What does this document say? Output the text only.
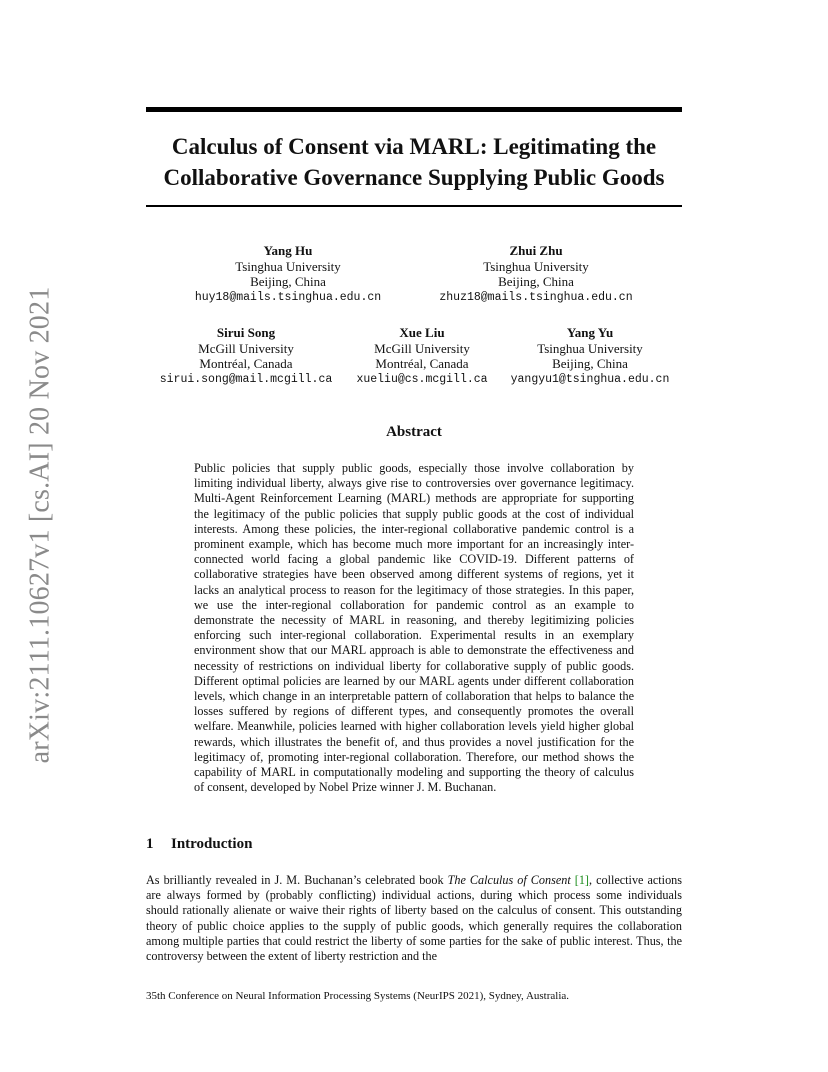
arXiv:2111.10627v1 [cs.AI] 20 Nov 2021
Calculus of Consent via MARL: Legitimating the
Collaborative Governance Supplying Public Goods
Yang Hu
Tsinghua University
Beijing, China
huy18@mails.tsinghua.edu.cn
Zhui Zhu
Tsinghua University
Beijing, China
zhuz18@mails.tsinghua.edu.cn
Sirui Song
McGill University
Montréal, Canada
sirui.song@mail.mcgill.ca
Xue Liu
McGill University
Montréal, Canada
xueliu@cs.mcgill.ca
Yang Yu
Tsinghua University
Beijing, China
yangyu1@tsinghua.edu.cn
Abstract
Public policies that supply public goods, especially those involve collaboration by limiting individual liberty, always give rise to controversies over governance legitimacy. Multi-Agent Reinforcement Learning (MARL) methods are appropriate for supporting the legitimacy of the public policies that supply public goods at the cost of individual interests. Among these policies, the inter-regional collaborative pandemic control is a prominent example, which has become much more important for an increasingly inter-connected world facing a global pandemic like COVID-19. Different patterns of collaborative strategies have been observed among different systems of regions, yet it lacks an analytical process to reason for the legitimacy of those strategies. In this paper, we use the inter-regional collaboration for pandemic control as an example to demonstrate the necessity of MARL in reasoning, and thereby legitimizing policies enforcing such inter-regional collaboration. Experimental results in an exemplary environment show that our MARL approach is able to demonstrate the effectiveness and necessity of restrictions on individual liberty for collaborative supply of public goods. Different optimal policies are learned by our MARL agents under different collaboration levels, which change in an interpretable pattern of collaboration that helps to balance the losses suffered by regions of different types, and consequently promotes the overall welfare. Meanwhile, policies learned with higher collaboration levels yield higher global rewards, which illustrates the benefit of, and thus provides a novel justification for the legitimacy of, promoting inter-regional collaboration. Therefore, our method shows the capability of MARL in computationally modeling and supporting the theory of calculus of consent, developed by Nobel Prize winner J. M. Buchanan.
1 Introduction
As brilliantly revealed in J. M. Buchanan’s celebrated book The Calculus of Consent [1], collective actions are always formed by (probably conflicting) individual actions, during which process some individuals should rationally alienate or waive their rights of liberty based on the calculus of consent. This outstanding theory of public choice applies to the supply of public goods, which generally requires the collaboration among multiple parties that could restrict the liberty of some parties for the sake of public interest. Thus, the controversy between the extent of liberty restriction and the
35th Conference on Neural Information Processing Systems (NeurIPS 2021), Sydney, Australia.
